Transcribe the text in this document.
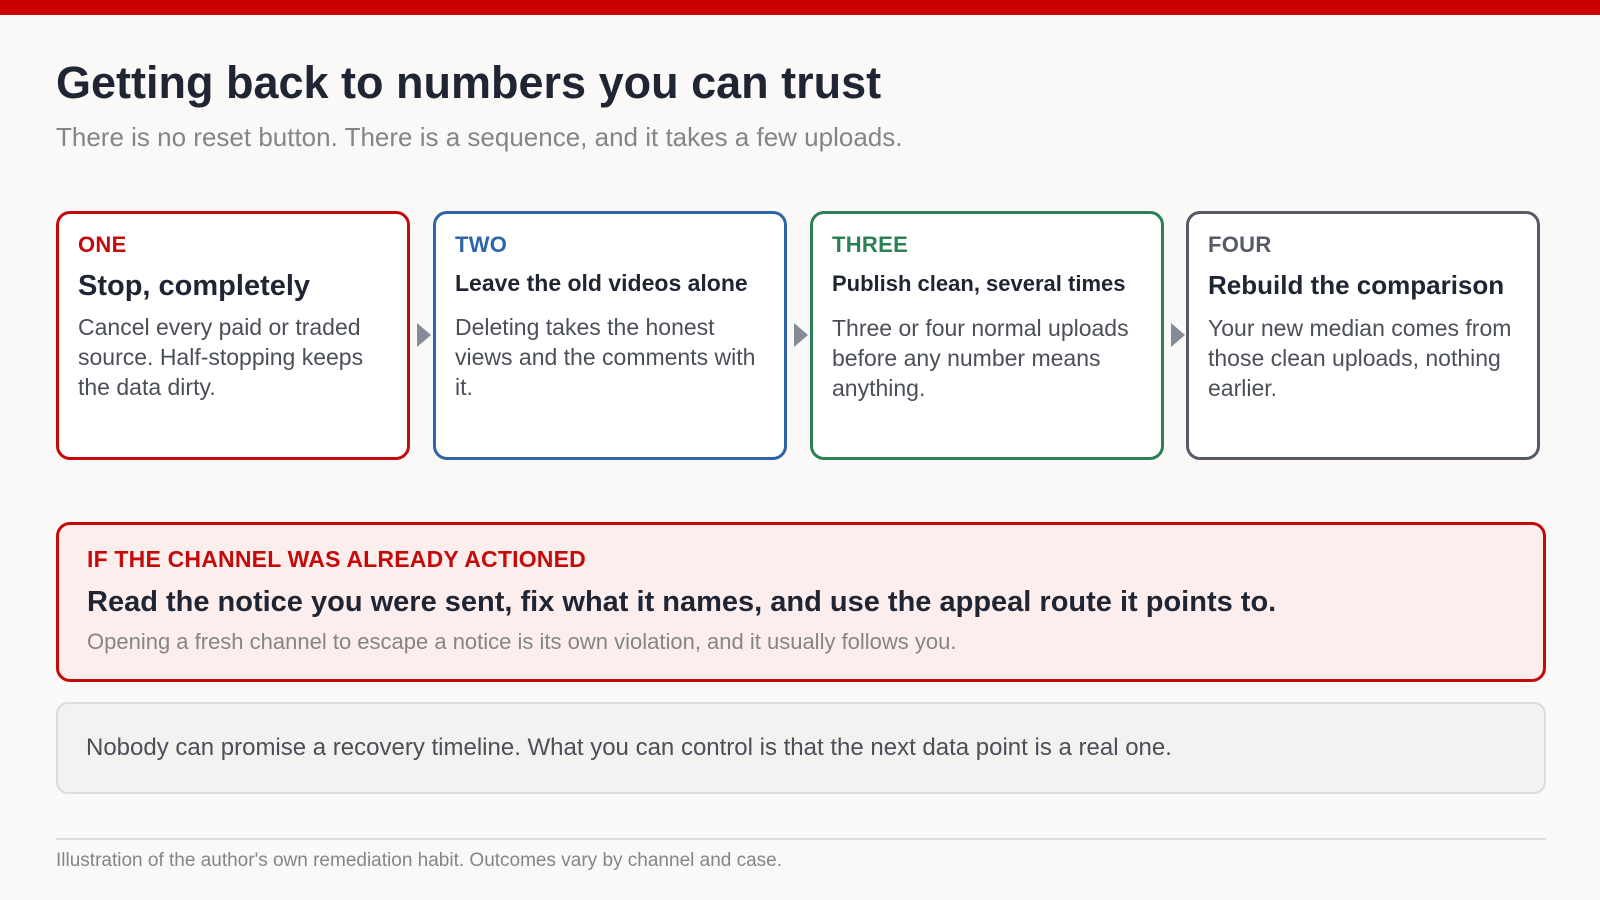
Getting back to numbers you can trust

There is no reset button. There is a sequence, and it takes a few uploads.

ONE
Stop, completely
Cancel every paid or traded source. Half-stopping keeps the data dirty.
TWO
Leave the old videos alone
Deleting takes the honest views and the comments with it.
THREE
Publish clean, several times
Three or four normal uploads before any number means anything.
FOUR
Rebuild the comparison
Your new median comes from those clean uploads, nothing earlier.
IF THE CHANNEL WAS ALREADY ACTIONED
Read the notice you were sent, fix what it names, and use the appeal route it points to.
Opening a fresh channel to escape a notice is its own violation, and it usually follows you.
Nobody can promise a recovery timeline. What you can control is that the next data point is a real one.
Illustration of the author's own remediation habit. Outcomes vary by channel and case.
